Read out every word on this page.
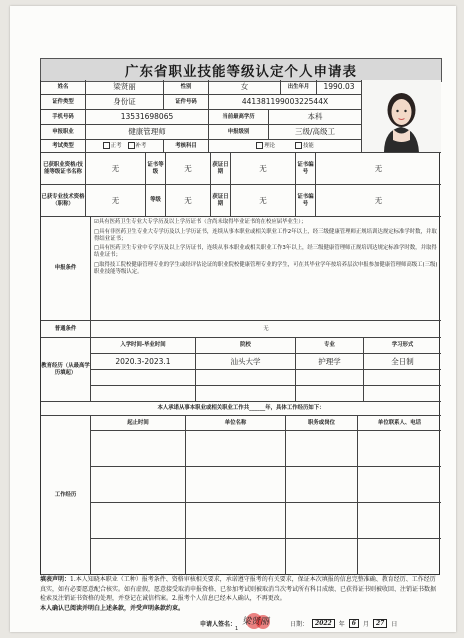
广东省职业技能等级认定个人申请表
姓名	梁贤丽	性别	女	出生年月	1990.03
证件类型	身份证	证件号码	44138119900322544X
手机号码	13531698065	当前最高学历	本科
申报职业	健康管理师	申报级别	三级/高级工
考试类型	正考	补考	考核科目	理论	技能
已获职业资格/技能等级证书名称	无	证书等级	无	获证日期	无	证书编号	无
已获专业技术资格（职称）	无	等级	无	获证日期	无	证书编号	无
申报条件
☑具有医药卫生专业大专学历及以上学历证书（含尚未取得毕业证书的在校应届毕业生）；
□具有非医药卫生专业大专学历及以上学历证书，连续从事本职业或相关职业工作2年以上，经三级健康管理师正规培训达规定标准学时数，并取得结业证书；
□具有医药卫生专业中专学历及以上学历证书，连续从事本职业或相关职业工作3年以上，经三级健康管理师正规培训达规定标准学时数，并取得结业证书；
□取得技工院校健康管理专业的学生或经评估论证的职业院校健康管理专业的学生，可在其毕业学年按培养层次申报参加健康管理师高级工(三级)职业技能等级认定。
普通条件	无
教育经历（从最高学历填起）
入学时间-毕业时间	院校	专业	学习形式
2020.3-2023.1	汕头大学	护理学	全日制
本人承诺从事本职业或相关职业工作共______年，具体工作经历如下：
工作经历
起止时间	单位名称	职务或岗位	单位联系人、电话
填表声明：1.本人知晓本职业（工种）报考条件、资格审核相关要求，承诺遵守报考的有关要求，保证本次填报的信息完整准确、教育经历、工作经历真实，如有必要愿意配合核实。如有虚假，愿意接受取消申报资格、已参加考试则被取消当次考试所有科目成绩、已获得证书则被收回、注销证书数据检索及注销证书资格的处理，并登记在诚信档案。2.报考个人信息已经本人确认，不再更改。
本人确认已阅读并明白上述条款，并受声明条款约束。
申请人签名： 梁贤丽	日期：	2022	年	6	月	27	日
1
